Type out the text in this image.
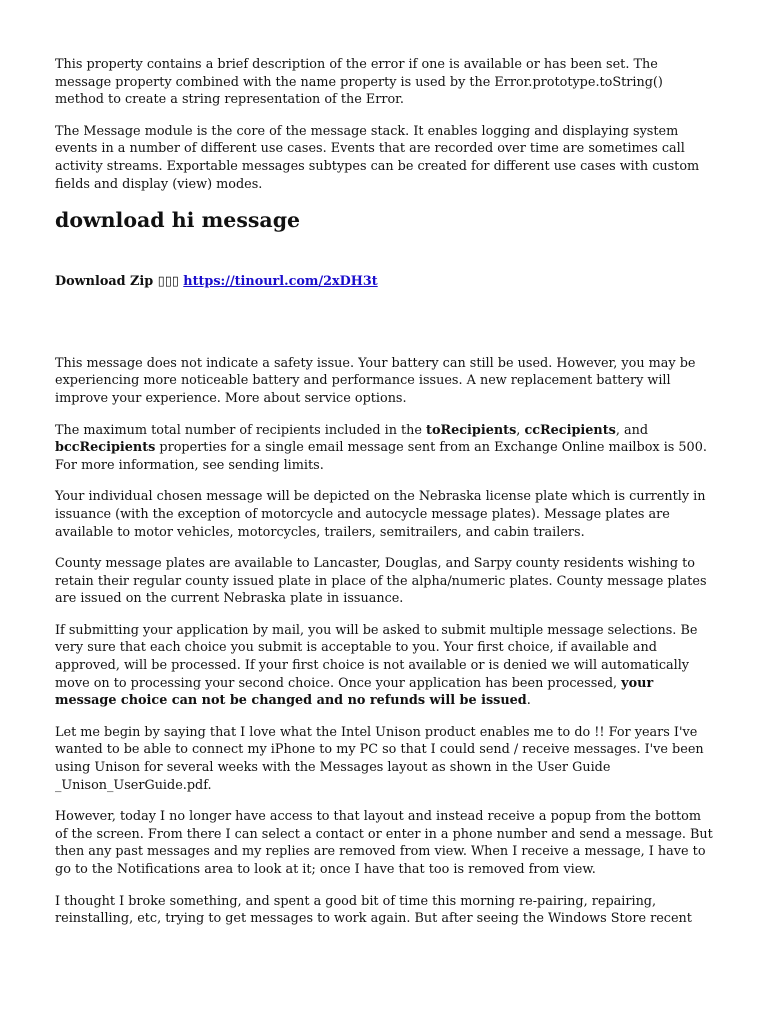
This property contains a brief description of the error if one is available or has been set. The message property combined with the name property is used by the Error.prototype.toString() method to create a string representation of the Error.

The Message module is the core of the message stack. It enables logging and displaying system events in a number of different use cases. Events that are recorded over time are sometimes call activity streams. Exportable messages subtypes can be created for different use cases with custom fields and display (view) modes.

download hi message
Download Zip ▯▯▯ https://tinourl.com/2xDH3t

This message does not indicate a safety issue. Your battery can still be used. However, you may be experiencing more noticeable battery and performance issues. A new replacement battery will improve your experience. More about service options.

The maximum total number of recipients included in the toRecipients, ccRecipients, and bccRecipients properties for a single email message sent from an Exchange Online mailbox is 500. For more information, see sending limits.

Your individual chosen message will be depicted on the Nebraska license plate which is currently in issuance (with the exception of motorcycle and autocycle message plates). Message plates are available to motor vehicles, motorcycles, trailers, semitrailers, and cabin trailers.

County message plates are available to Lancaster, Douglas, and Sarpy county residents wishing to retain their regular county issued plate in place of the alpha/numeric plates. County message plates are issued on the current Nebraska plate in issuance.

If submitting your application by mail, you will be asked to submit multiple message selections. Be very sure that each choice you submit is acceptable to you. Your first choice, if available and approved, will be processed. If your first choice is not available or is denied we will automatically move on to processing your second choice. Once your application has been processed, your message choice can not be changed and no refunds will be issued.

Let me begin by saying that I love what the Intel Unison product enables me to do !! For years I've wanted to be able to connect my iPhone to my PC so that I could send / receive messages. I've been using Unison for several weeks with the Messages layout as shown in the User Guide _Unison_UserGuide.pdf.

However, today I no longer have access to that layout and instead receive a popup from the bottom of the screen. From there I can select a contact or enter in a phone number and send a message. But then any past messages and my replies are removed from view. When I receive a message, I have to go to the Notifications area to look at it; once I have that too is removed from view.

I thought I broke something, and spent a good bit of time this morning re-pairing, repairing, reinstalling, etc, trying to get messages to work again. But after seeing the Windows Store recent
